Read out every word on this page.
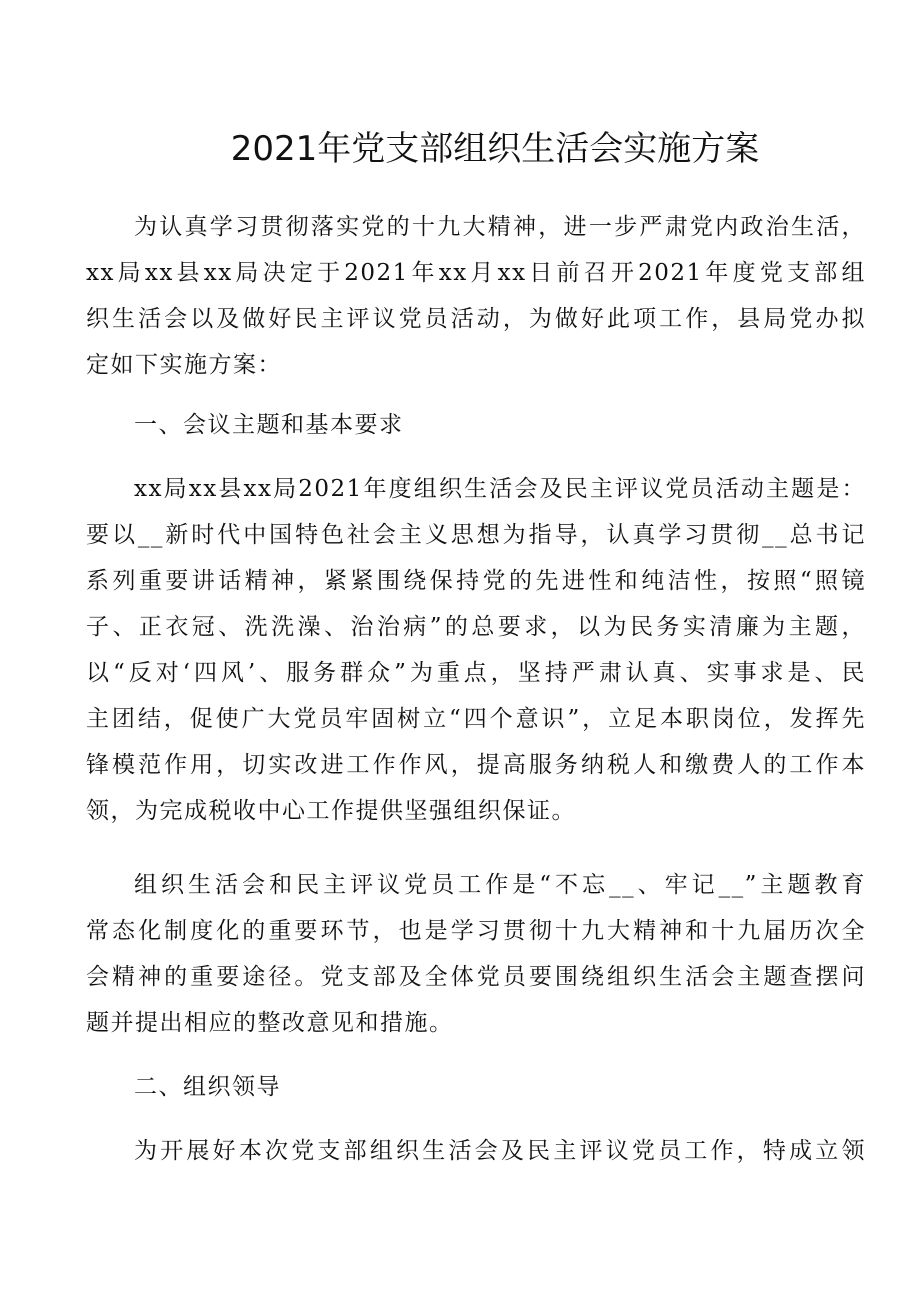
2021年党支部组织生活会实施方案
为认真学习贯彻落实党的十九大精神，进一步严肃党内政治生活，
xx局xx县xx局决定于2021年xx月xx日前召开2021年度党支部组
织生活会以及做好民主评议党员活动，为做好此项工作，县局党办拟
定如下实施方案：
一、会议主题和基本要求
xx局xx县xx局2021年度组织生活会及民主评议党员活动主题是：
要以__新时代中国特色社会主义思想为指导，认真学习贯彻__总书记
系列重要讲话精神，紧紧围绕保持党的先进性和纯洁性，按照“照镜
子、正衣冠、洗洗澡、治治病”的总要求，以为民务实清廉为主题，
以“反对‘四风’、服务群众”为重点，坚持严肃认真、实事求是、民
主团结，促使广大党员牢固树立“四个意识”，立足本职岗位，发挥先
锋模范作用，切实改进工作作风，提高服务纳税人和缴费人的工作本
领，为完成税收中心工作提供坚强组织保证。
组织生活会和民主评议党员工作是“不忘__、牢记__”主题教育
常态化制度化的重要环节，也是学习贯彻十九大精神和十九届历次全
会精神的重要途径。党支部及全体党员要围绕组织生活会主题查摆问
题并提出相应的整改意见和措施。
二、组织领导
为开展好本次党支部组织生活会及民主评议党员工作，特成立领
